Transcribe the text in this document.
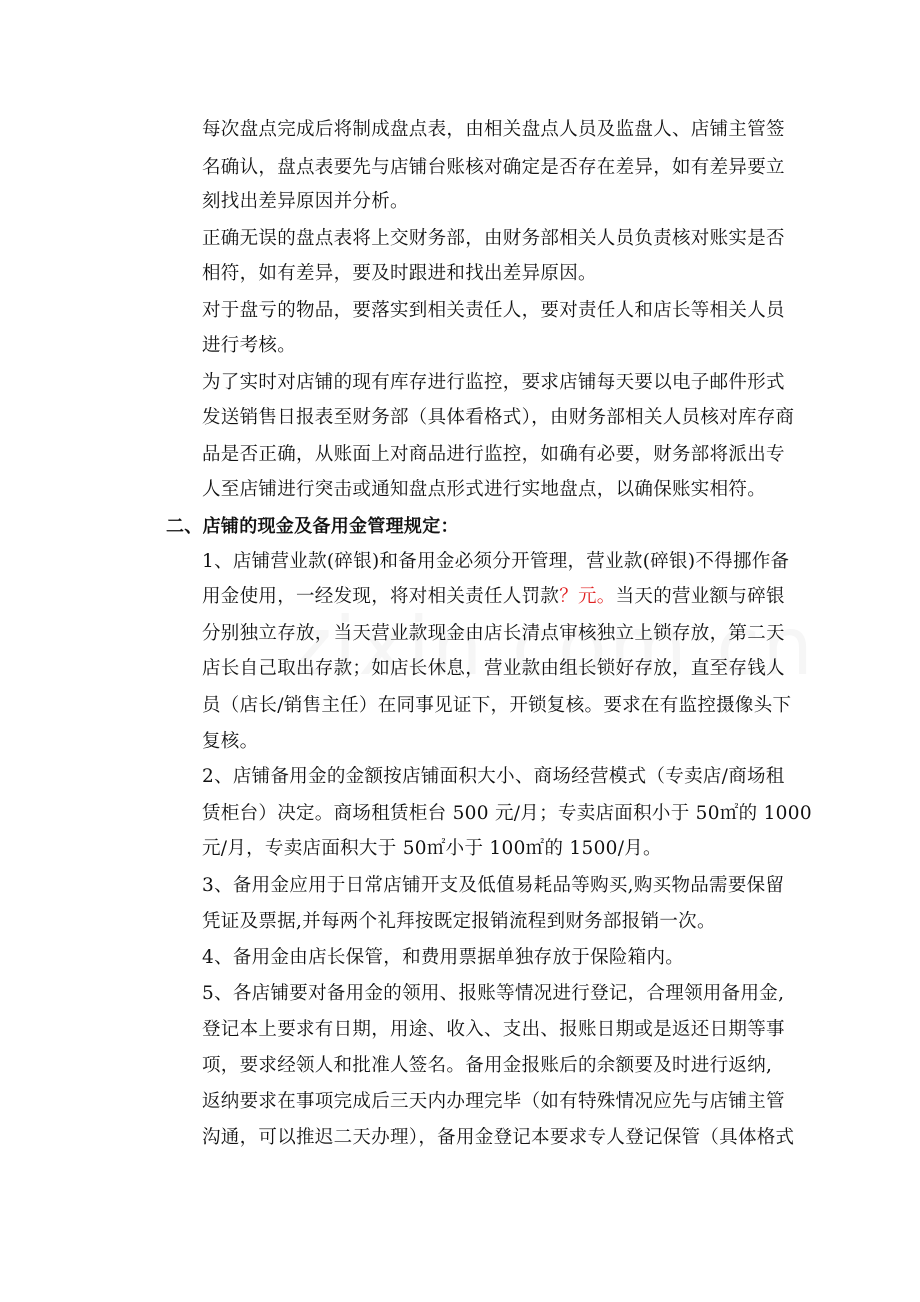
每次盘点完成后将制成盘点表，由相关盘点人员及监盘人、店铺主管签
名确认，盘点表要先与店铺台账核对确定是否存在差异，如有差异要立
刻找出差异原因并分析。
正确无误的盘点表将上交财务部，由财务部相关人员负责核对账实是否
相符，如有差异，要及时跟进和找出差异原因。
对于盘亏的物品，要落实到相关责任人，要对责任人和店长等相关人员
进行考核。
为了实时对店铺的现有库存进行监控，要求店铺每天要以电子邮件形式
发送销售日报表至财务部（具体看格式），由财务部相关人员核对库存商
品是否正确，从账面上对商品进行监控，如确有必要，财务部将派出专
人至店铺进行突击或通知盘点形式进行实地盘点，以确保账实相符。
二、店铺的现金及备用金管理规定：
1、店铺营业款(碎银)和备用金必须分开管理，营业款(碎银)不得挪作备
用金使用，一经发现，将对相关责任人罚款？元。当天的营业额与碎银
分别独立存放，当天营业款现金由店长清点审核独立上锁存放，第二天
店长自己取出存款；如店长休息，营业款由组长锁好存放，直至存钱人
员（店长/销售主任）在同事见证下，开锁复核。要求在有监控摄像头下
复核。
2、店铺备用金的金额按店铺面积大小、商场经营模式（专卖店/商场租
赁柜台）决定。商场租赁柜台 500 元/月；专卖店面积小于 50㎡的 1000
元/月，专卖店面积大于 50㎡小于 100㎡的 1500/月。
3、备用金应用于日常店铺开支及低值易耗品等购买,购买物品需要保留
凭证及票据,并每两个礼拜按既定报销流程到财务部报销一次。
4、备用金由店长保管，和费用票据单独存放于保险箱内。
5、各店铺要对备用金的领用、报账等情况进行登记，合理领用备用金,
登记本上要求有日期，用途、收入、支出、报账日期或是返还日期等事
项，要求经领人和批准人签名。备用金报账后的余额要及时进行返纳,
返纳要求在事项完成后三天内办理完毕（如有特殊情况应先与店铺主管
沟通，可以推迟二天办理），备用金登记本要求专人登记保管（具体格式
